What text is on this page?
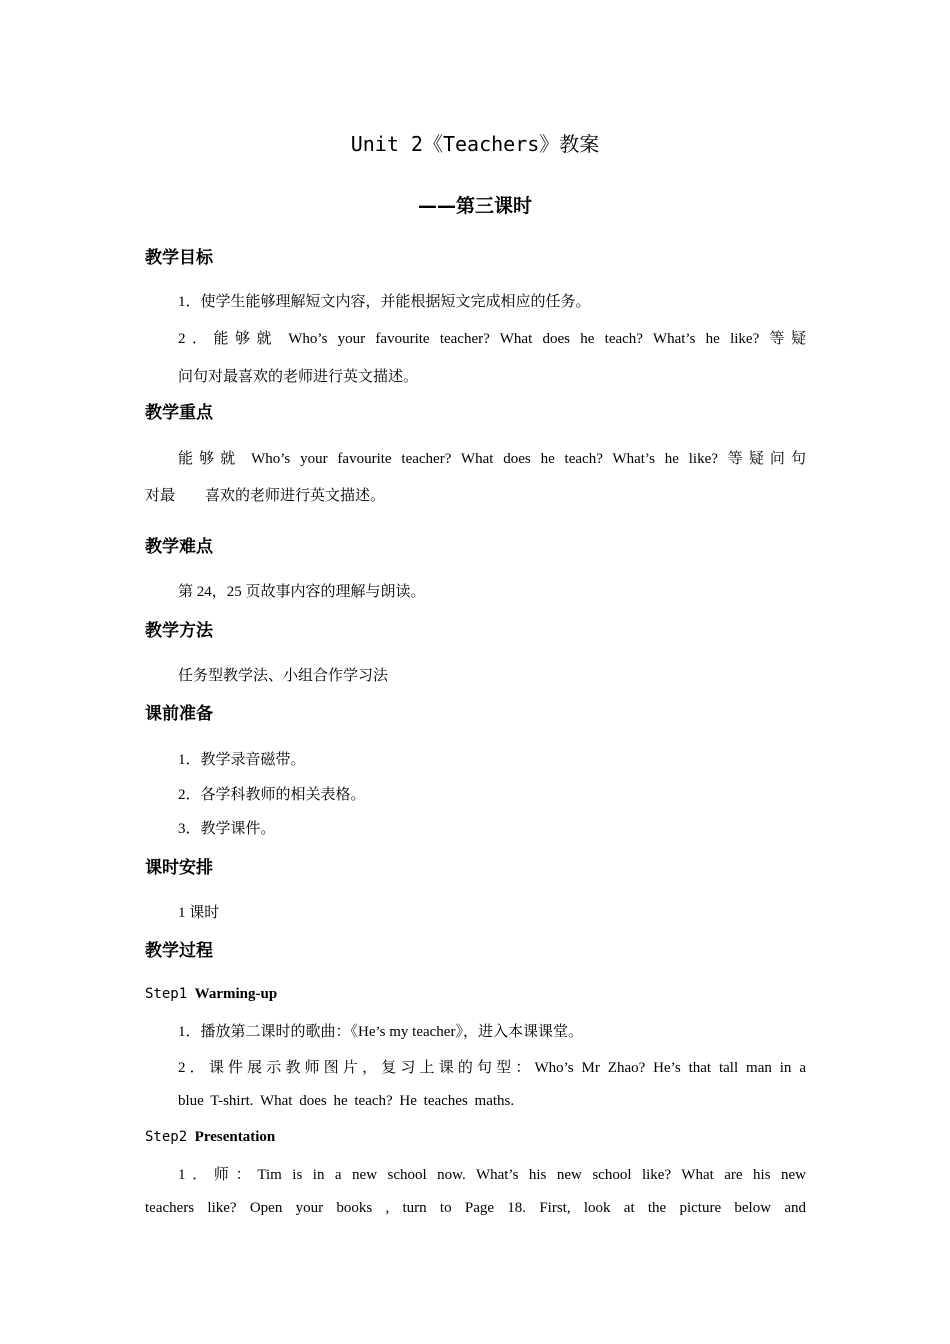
Unit 2《Teachers》教案
——第三课时
教学目标
1．使学生能够理解短文内容，并能根据短文完成相应的任务。
2．能够就 Who’s your favourite teacher? What does he teach? What’s he like? 等疑
问句对最喜欢的老师进行英文描述。
教学重点
能够就 Who’s your favourite teacher? What does he teach? What’s he like? 等疑问句
对最　　喜欢的老师进行英文描述。
教学难点
第 24，25 页故事内容的理解与朗读。
教学方法
任务型教学法、小组合作学习法
课前准备
1．教学录音磁带。
2．各学科教师的相关表格。
3．教学课件。
课时安排
1 课时
教学过程
Step1 Warming-up
1．播放第二课时的歌曲：《He’s my teacher》，进入本课课堂。
2．课件展示教师图片，复习上课的句型：Who’s Mr Zhao? He’s that tall man in a
blue T-shirt. What does he teach? He teaches maths.
Step2 Presentation
1．师：Tim is in a new school now. What’s his new school like? What are his new
teachers like? Open your books , turn to Page 18. First, look at the picture below and
